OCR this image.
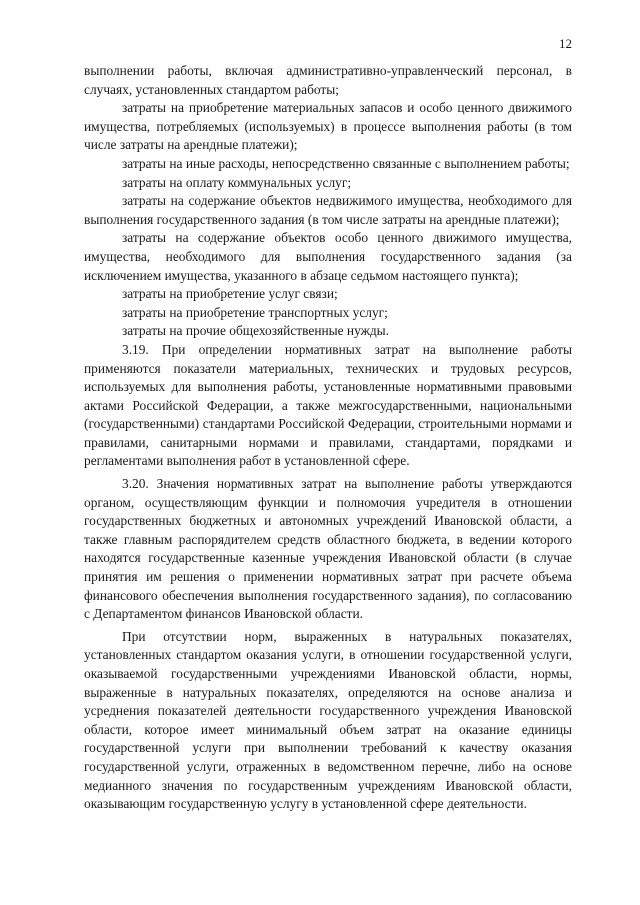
12

выполнении работы, включая административно-управленческий персонал, в случаях, установленных стандартом работы;

затраты на приобретение материальных запасов и особо ценного движимого имущества, потребляемых (используемых) в процессе выполнения работы (в том числе затраты на арендные платежи);

затраты на иные расходы, непосредственно связанные с выполнением работы;

затраты на оплату коммунальных услуг;

затраты на содержание объектов недвижимого имущества, необходимого для выполнения государственного задания (в том числе затраты на арендные платежи);

затраты на содержание объектов особо ценного движимого имущества, имущества, необходимого для выполнения государственного задания (за исключением имущества, указанного в абзаце седьмом настоящего пункта);

затраты на приобретение услуг связи;

затраты на приобретение транспортных услуг;

затраты на прочие общехозяйственные нужды.

3.19. При определении нормативных затрат на выполнение работы применяются показатели материальных, технических и трудовых ресурсов, используемых для выполнения работы, установленные нормативными правовыми актами Российской Федерации, а также межгосударственными, национальными (государственными) стандартами Российской Федерации, строительными нормами и правилами, санитарными нормами и правилами, стандартами, порядками и регламентами выполнения работ в установленной сфере.

3.20. Значения нормативных затрат на выполнение работы утверждаются органом, осуществляющим функции и полномочия учредителя в отношении государственных бюджетных и автономных учреждений Ивановской области, а также главным распорядителем средств областного бюджета, в ведении которого находятся государственные казенные учреждения Ивановской области (в случае принятия им решения о применении нормативных затрат при расчете объема финансового обеспечения выполнения государственного задания), по согласованию с Департаментом финансов Ивановской области.

При отсутствии норм, выраженных в натуральных показателях, установленных стандартом оказания услуги, в отношении государственной услуги, оказываемой государственными учреждениями Ивановской области, нормы, выраженные в натуральных показателях, определяются на основе анализа и усреднения показателей деятельности государственного учреждения Ивановской области, которое имеет минимальный объем затрат на оказание единицы государственной услуги при выполнении требований к качеству оказания государственной услуги, отраженных в ведомственном перечне, либо на основе медианного значения по государственным учреждениям Ивановской области, оказывающим государственную услугу в установленной сфере деятельности.
